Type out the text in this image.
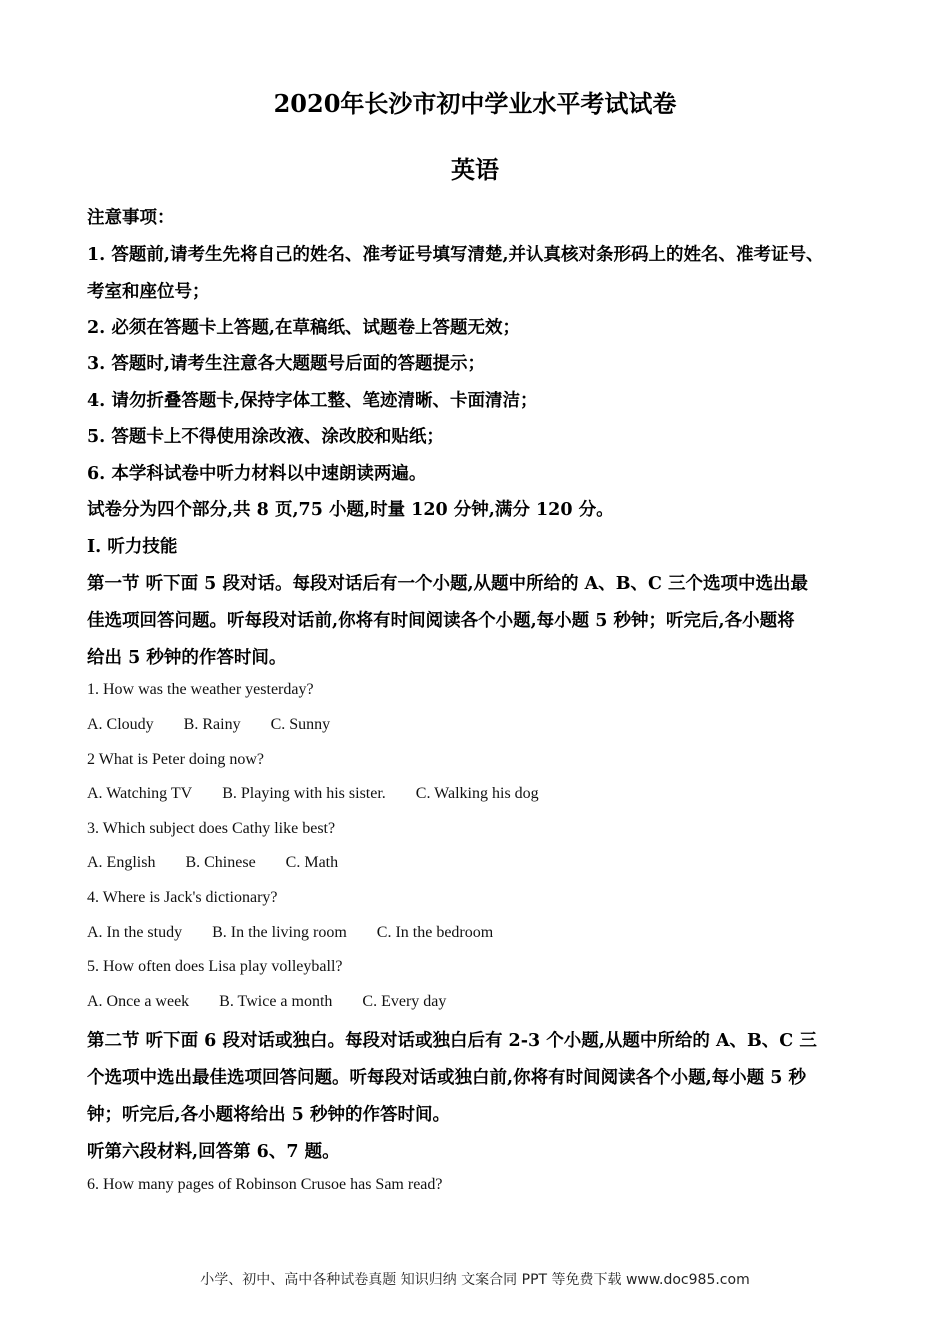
2020年长沙市初中学业水平考试试卷
英语
注意事项：
1. 答题前,请考生先将自己的姓名、准考证号填写清楚,并认真核对条形码上的姓名、准考证号、
考室和座位号；
2. 必须在答题卡上答题,在草稿纸、试题卷上答题无效；
3. 答题时,请考生注意各大题题号后面的答题提示；
4. 请勿折叠答题卡,保持字体工整、笔迹清晰、卡面清洁；
5. 答题卡上不得使用涂改液、涂改胶和贴纸；
6. 本学科试卷中听力材料以中速朗读两遍。
试卷分为四个部分,共 8 页,75 小题,时量 120 分钟,满分 120 分。
I. 听力技能
第一节 听下面 5 段对话。每段对话后有一个小题,从题中所给的 A、B、C 三个选项中选出最
佳选项回答问题。听每段对话前,你将有时间阅读各个小题,每小题 5 秒钟；听完后,各小题将
给出 5 秒钟的作答时间。
1. How was the weather yesterday?
A. Cloudy B. Rainy C. Sunny
2 What is Peter doing now?
A. Watching TV B. Playing with his sister. C. Walking his dog
3. Which subject does Cathy like best?
A. English B. Chinese C. Math
4. Where is Jack's dictionary?
A. In the study B. In the living room C. In the bedroom
5. How often does Lisa play volleyball?
A. Once a week B. Twice a month C. Every day
第二节 听下面 6 段对话或独白。每段对话或独白后有 2-3 个小题,从题中所给的 A、B、C 三
个选项中选出最佳选项回答问题。听每段对话或独白前,你将有时间阅读各个小题,每小题 5 秒
钟；听完后,各小题将给出 5 秒钟的作答时间。
听第六段材料,回答第 6、7 题。
6. How many pages of Robinson Crusoe has Sam read?
小学、初中、高中各种试卷真题 知识归纳 文案合同 PPT 等免费下载 www.doc985.com
